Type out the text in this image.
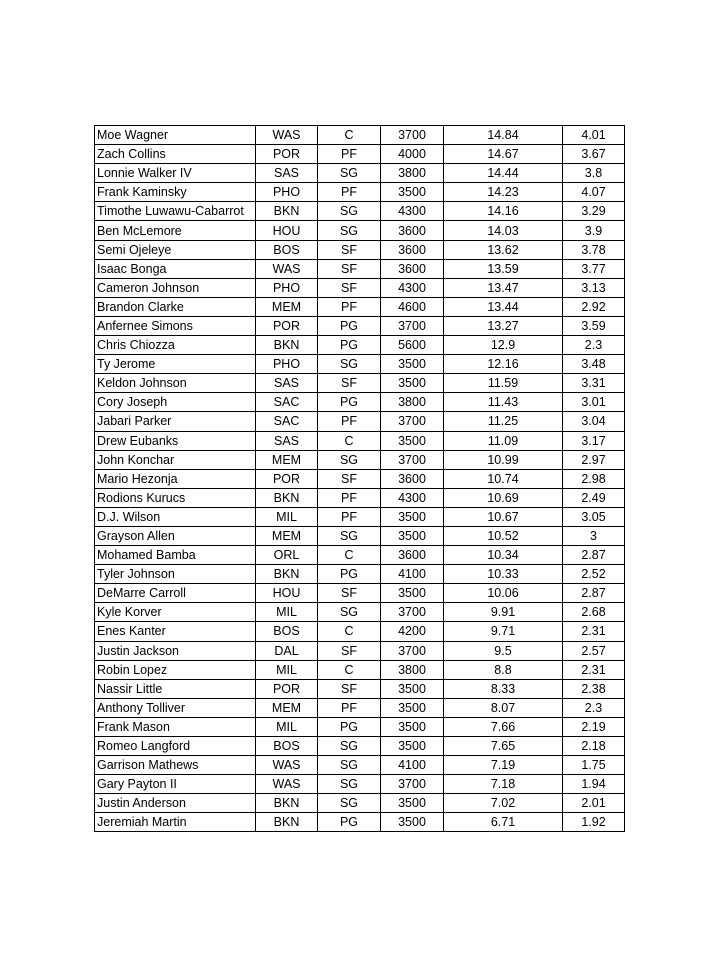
Moe Wagner	WAS	C	3700	14.84	4.01
Zach Collins	POR	PF	4000	14.67	3.67
Lonnie Walker IV	SAS	SG	3800	14.44	3.8
Frank Kaminsky	PHO	PF	3500	14.23	4.07
Timothe Luwawu-Cabarrot	BKN	SG	4300	14.16	3.29
Ben McLemore	HOU	SG	3600	14.03	3.9
Semi Ojeleye	BOS	SF	3600	13.62	3.78
Isaac Bonga	WAS	SF	3600	13.59	3.77
Cameron Johnson	PHO	SF	4300	13.47	3.13
Brandon Clarke	MEM	PF	4600	13.44	2.92
Anfernee Simons	POR	PG	3700	13.27	3.59
Chris Chiozza	BKN	PG	5600	12.9	2.3
Ty Jerome	PHO	SG	3500	12.16	3.48
Keldon Johnson	SAS	SF	3500	11.59	3.31
Cory Joseph	SAC	PG	3800	11.43	3.01
Jabari Parker	SAC	PF	3700	11.25	3.04
Drew Eubanks	SAS	C	3500	11.09	3.17
John Konchar	MEM	SG	3700	10.99	2.97
Mario Hezonja	POR	SF	3600	10.74	2.98
Rodions Kurucs	BKN	PF	4300	10.69	2.49
D.J. Wilson	MIL	PF	3500	10.67	3.05
Grayson Allen	MEM	SG	3500	10.52	3
Mohamed Bamba	ORL	C	3600	10.34	2.87
Tyler Johnson	BKN	PG	4100	10.33	2.52
DeMarre Carroll	HOU	SF	3500	10.06	2.87
Kyle Korver	MIL	SG	3700	9.91	2.68
Enes Kanter	BOS	C	4200	9.71	2.31
Justin Jackson	DAL	SF	3700	9.5	2.57
Robin Lopez	MIL	C	3800	8.8	2.31
Nassir Little	POR	SF	3500	8.33	2.38
Anthony Tolliver	MEM	PF	3500	8.07	2.3
Frank Mason	MIL	PG	3500	7.66	2.19
Romeo Langford	BOS	SG	3500	7.65	2.18
Garrison Mathews	WAS	SG	4100	7.19	1.75
Gary Payton II	WAS	SG	3700	7.18	1.94
Justin Anderson	BKN	SG	3500	7.02	2.01
Jeremiah Martin	BKN	PG	3500	6.71	1.92
